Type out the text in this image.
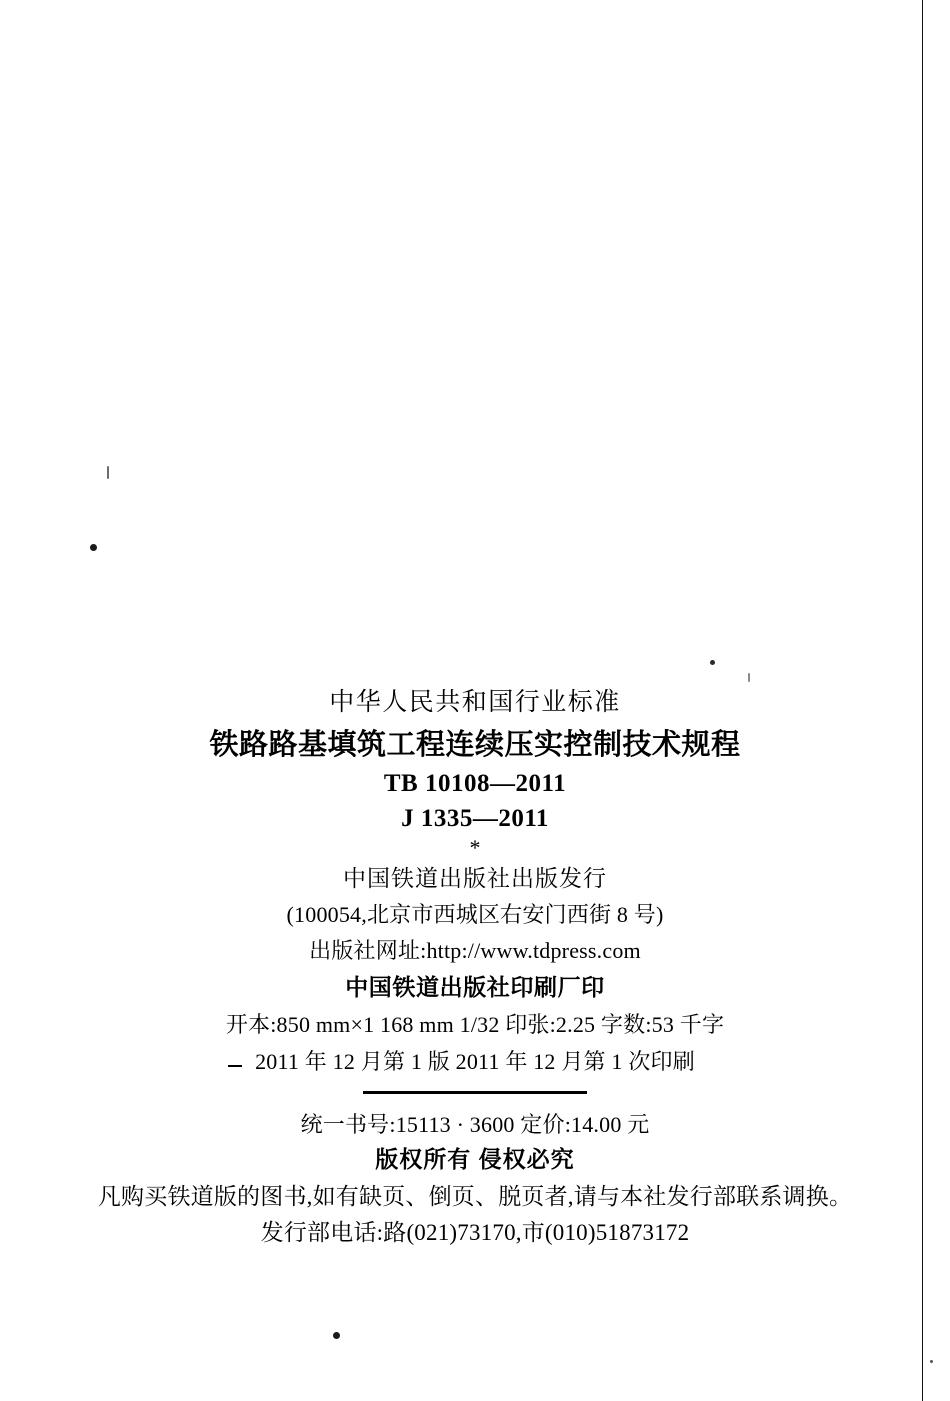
中华人民共和国行业标准
铁路路基填筑工程连续压实控制技术规程
TB 10108—2011
J 1335—2011
*
中国铁道出版社出版发行
(100054,北京市西城区右安门西街 8 号)
出版社网址:http://www.tdpress.com
中国铁道出版社印刷厂印
开本:850 mm×1 168 mm 1/32 印张:2.25 字数:53 千字
2011 年 12 月第 1 版 2011 年 12 月第 1 次印刷
统一书号:15113 · 3600 定价:14.00 元
版权所有 侵权必究
凡购买铁道版的图书,如有缺页、倒页、脱页者,请与本社发行部联系调换。
发行部电话:路(021)73170,市(010)51873172
